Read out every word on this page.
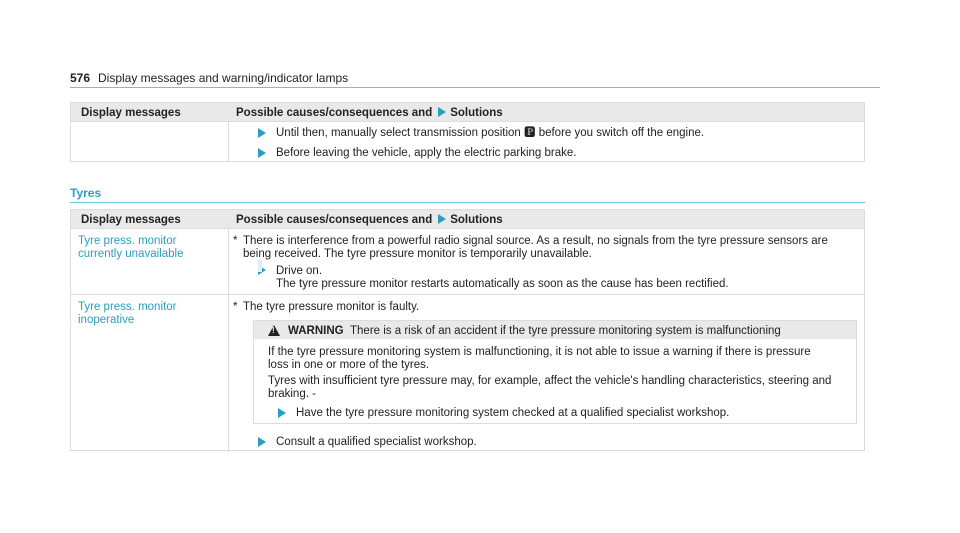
576 Display messages and warning/indicator lamps
Display messages	Possible causes/consequences and Solutions
Until then, manually select transmission position 🅿 before you switch off the engine.
Before leaving the vehicle, apply the electric parking brake.
Tyres
Display messages	Possible causes/consequences and Solutions
Tyre press. monitor currently unavailable
* There is interference from a powerful radio signal source. As a result, no signals from the tyre pressure sensors are
being received. The tyre pressure monitor is temporarily unavailable.
Drive on.
The tyre pressure monitor restarts automatically as soon as the cause has been rectified.
Tyre press. monitor inoperative
* The tyre pressure monitor is faulty.
Consult a qualified specialist workshop.
!
WARNING There is a risk of an accident if the tyre pressure monitoring system is malfunctioning
If the tyre pressure monitoring system is malfunctioning, it is not able to issue a warning if there is pressure
loss in one or more of the tyres.
Tyres with insufficient tyre pressure may, for example, affect the vehicle's handling characteristics, steering and
braking. -
Have the tyre pressure monitoring system checked at a qualified specialist workshop.
